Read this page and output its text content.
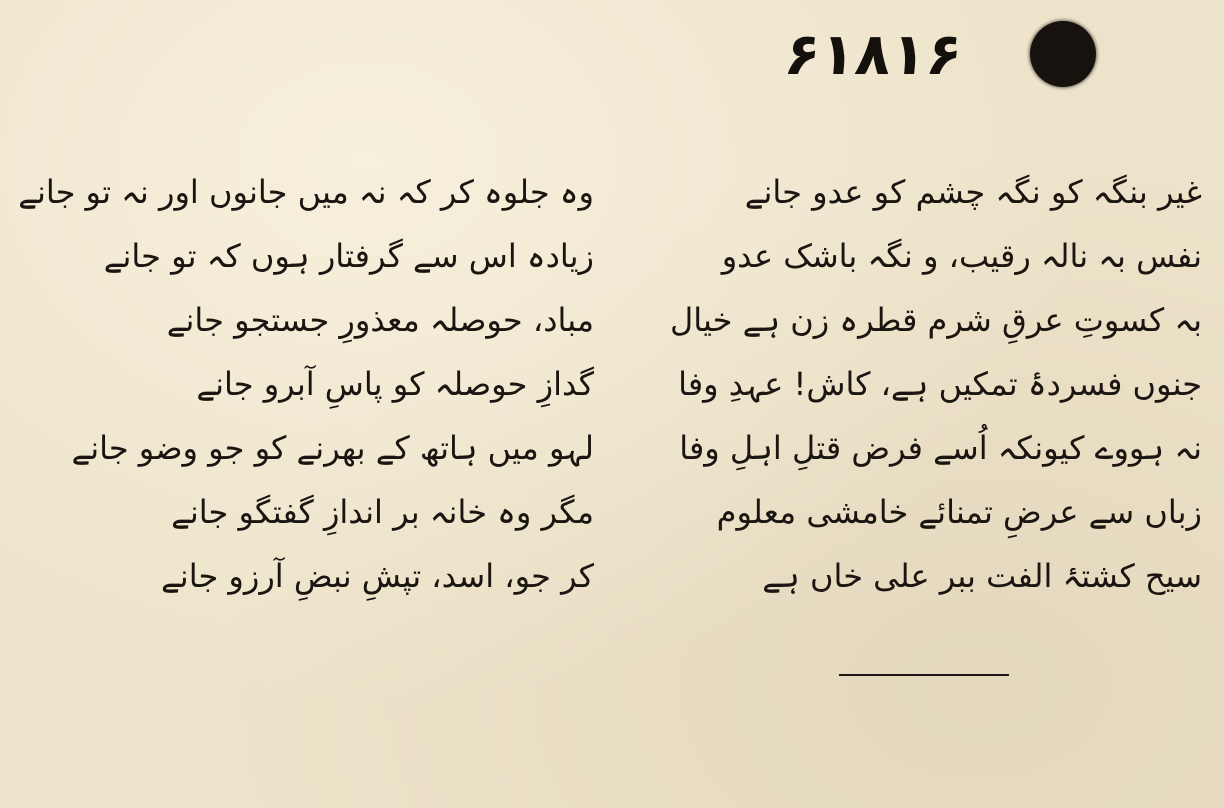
۶۱۸۱۶
غیر بنگہ کو نگہ چشم کو عدو جانے
نفس بہ نالہ رقیب، و نگہ باشک عدو
بہ کسوتِ عرقِ شرم قطرہ زن ہے خیال
جنوں فسردۂ تمکیں ہے، کاش! عہدِ وفا
نہ ہووے کیونکہ اُسے فرض قتلِ اہلِ وفا
زباں سے عرضِ تمنائے خامشی معلوم
سیح کشتۂ الفت ببر علی خاں ہے
وہ جلوہ کر کہ نہ میں جانوں اور نہ تو جانے
زیادہ اس سے گرفتار ہوں کہ تو جانے
مباد، حوصلہ معذورِ جستجو جانے
گدازِ حوصلہ کو پاسِ آبرو جانے
لہو میں ہاتھ کے بھرنے کو جو وضو جانے
مگر وہ خانہ بر اندازِ گفتگو جانے
کر جو، اسد، تپشِ نبضِ آرزو جانے
